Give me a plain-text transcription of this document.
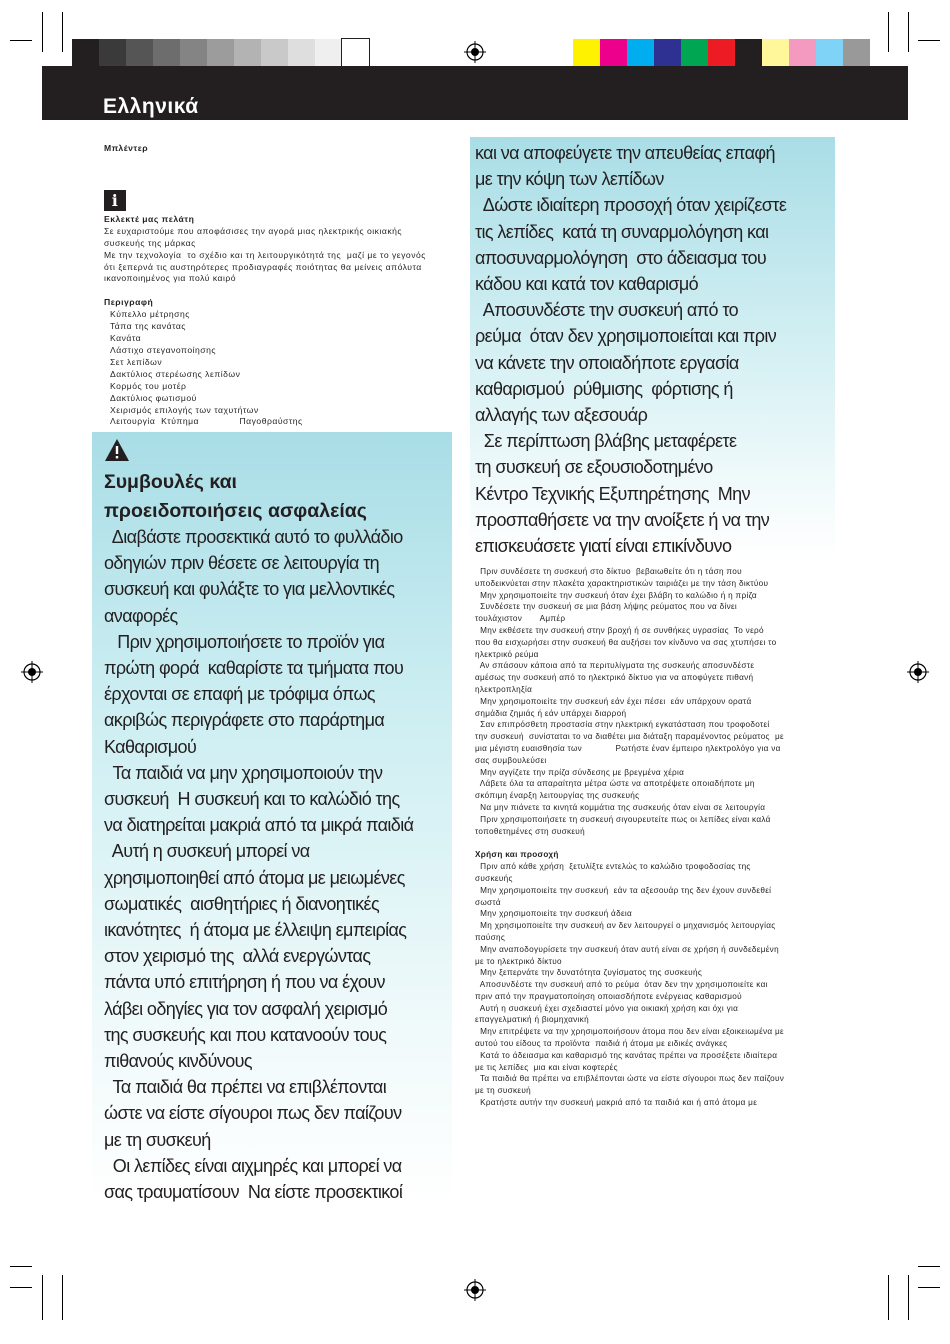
Ελληνικά
Μπλέντερ
i
Εκλεκτέ μας πελάτη
Σε ευχαριστούμε που αποφάσισες την αγορά μιας ηλεκτρικής οικιακής
συσκευής της μάρκας
Με την τεχνολογία  το σχέδιο και τη λειτουργικότητά της  μαζί με το γεγονός
ότι ξεπερνά τις αυστηρότερες προδιαγραφές ποιότητας θα μείνεις απόλυτα
ικανοποιημένος για πολύ καιρό
Περιγραφή
Κύπελλο μέτρησης
Τάπα της κανάτας
Κανάτα
Λάστιχο στεγανοποίησης
Σετ λεπίδων
Δακτύλιος στερέωσης λεπίδων
Κορμός του μοτέρ
Δακτύλιος φωτισμού
Χειρισμός επιλογής των ταχυτήτων
Λειτουργία  Κτύπημα              Παγοθραύστης
Συμβουλές και
προειδοποιήσεις ασφαλείας
Διαβάστε προσεκτικά αυτό το φυλλάδιο
οδηγιών πριν θέσετε σε λειτουργία τη
συσκευή και φυλάξτε το για μελλοντικές
αναφορές
Πριν χρησιμοποιήσετε το προϊόν για
πρώτη φορά  καθαρίστε τα τμήματα που
έρχονται σε επαφή με τρόφιμα όπως
ακριβώς περιγράφετε στο παράρτημα
Καθαρισμού
Τα παιδιά να μην χρησιμοποιούν την
συσκευή  Η συσκευή και το καλώδιό της
να διατηρείται μακριά από τα μικρά παιδιά
Αυτή η συσκευή μπορεί να
χρησιμοποιηθεί από άτομα με μειωμένες
σωματικές  αισθητήριες ή διανοητικές
ικανότητες  ή άτομα με έλλειψη εμπειρίας
στον χειρισμό της  αλλά ενεργώντας
πάντα υπό επιτήρηση ή που να έχουν
λάβει οδηγίες για τον ασφαλή χειρισμό
της συσκευής και που κατανοούν τους
πιθανούς κινδύνους
Τα παιδιά θα πρέπει να επιβλέπονται
ώστε να είστε σίγουροι πως δεν παίζουν
με τη συσκευή
Οι λεπίδες είναι αιχμηρές και μπορεί να
σας τραυματίσουν  Να είστε προσεκτικοί
και να αποφεύγετε την απευθείας επαφή
με την κόψη των λεπίδων
Δώστε ιδιαίτερη προσοχή όταν χειρίζεστε
τις λεπίδες  κατά τη συναρμολόγηση και
αποσυναρμολόγηση  στο άδειασμα του
κάδου και κατά τον καθαρισμό
Αποσυνδέστε την συσκευή από το
ρεύμα  όταν δεν χρησιμοποιείται και πριν
να κάνετε την οποιαδήποτε εργασία
καθαρισμού  ρύθμισης  φόρτισης ή
αλλαγής των αξεσουάρ
Σε περίπτωση βλάβης μεταφέρετε
τη συσκευή σε εξουσιοδοτημένο
Κέντρο Τεχνικής Εξυπηρέτησης  Μην
προσπαθήσετε να την ανοίξετε ή να την
επισκευάσετε γιατί είναι επικίνδυνο
Πριν συνδέσετε τη συσκευή στο δίκτυο  βεβαιωθείτε ότι η τάση που
υποδεικνύεται στην πλακέτα χαρακτηριστικών ταιριάζει με την τάση δικτύου
Μην χρησιμοποιείτε την συσκευή όταν έχει βλάβη το καλώδιο ή η πρίζα
Συνδέσετε την συσκευή σε μια βάση λήψης ρεύματος που να δίνει
τουλάχιστον       Αμπέρ
Μην εκθέσετε την συσκευή στην βροχή ή σε συνθήκες υγρασίας  Το νερό
που θα εισχωρήσει στην συσκευή θα αυξήσει τον κίνδυνο να σας χτυπήσει το
ηλεκτρικό ρεύμα
Αν σπάσουν κάποια από τα περιτυλίγματα της συσκευής αποσυνδέστε
αμέσως την συσκευή από το ηλεκτρικό δίκτυο για να αποφύγετε πιθανή
ηλεκτροπληξία
Μην χρησιμοποιείτε την συσκευή εάν έχει πέσει  εάν υπάρχουν ορατά
σημάδια ζημιάς ή εάν υπάρχει διαρροή
Σαν επιπρόσθετη προστασία στην ηλεκτρική εγκατάσταση που τροφοδοτεί
την συσκευή  συνίσταται το να διαθέτει μια διάταξη παραμένοντος ρεύματος  με
μια μέγιστη ευαισθησία των             Ρωτήστε έναν έμπειρο ηλεκτρολόγο για να
σας συμβουλεύσει
Μην αγγίζετε την πρίζα σύνδεσης με βρεγμένα χέρια
Λάβετε όλα τα απαραίτητα μέτρα ώστε να αποτρέψετε οποιαδήποτε μη
σκόπιμη έναρξη λειτουργίας της συσκευής
Να μην πιάνετε τα κινητά κομμάτια της συσκευής όταν είναι σε λειτουργία
Πριν χρησιμοποιήσετε τη συσκευή σιγουρευτείτε πως οι λεπίδες είναι καλά
τοποθετημένες στη συσκευή
Χρήση και προσοχή
Πριν από κάθε χρήση  ξετυλίξτε εντελώς το καλώδιο τροφοδοσίας της
συσκευής
Μην χρησιμοποιείτε την συσκευή  εάν τα αξεσουάρ της δεν έχουν συνδεθεί
σωστά
Μην χρησιμοποιείτε την συσκευή άδεια
Μη χρησιμοποιείτε την συσκευή αν δεν λειτουργεί ο μηχανισμός λειτουργίας
παύσης
Μην αναποδογυρίσετε την συσκευή όταν αυτή είναι σε χρήση ή συνδεδεμένη
με το ηλεκτρικό δίκτυο
Μην ξεπερνάτε την δυνατότητα ζυγίσματος της συσκευής
Αποσυνδέστε την συσκευή από το ρεύμα  όταν δεν την χρησιμοποιείτε και
πριν από την πραγματοποίηση οποιασδήποτε ενέργειας καθαρισμού
Αυτή η συσκευή έχει σχεδιαστεί μόνο για οικιακή χρήση και όχι για
επαγγελματική ή βιομηχανική
Μην επιτρέψετε να την χρησιμοποιήσουν άτομα που δεν είναι εξοικειωμένα με
αυτού του είδους τα προϊόντα  παιδιά ή άτομα με ειδικές ανάγκες
Κατά το άδειασμα και καθαρισμό της κανάτας πρέπει να προσέξετε ιδιαίτερα
με τις λεπίδες  μια και είναι κοφτερές
Τα παιδιά θα πρέπει να επιβλέπονται ώστε να είστε σίγουροι πως δεν παίζουν
με τη συσκευή
Κρατήστε αυτήν την συσκευή μακριά από τα παιδιά και ή από άτομα με
